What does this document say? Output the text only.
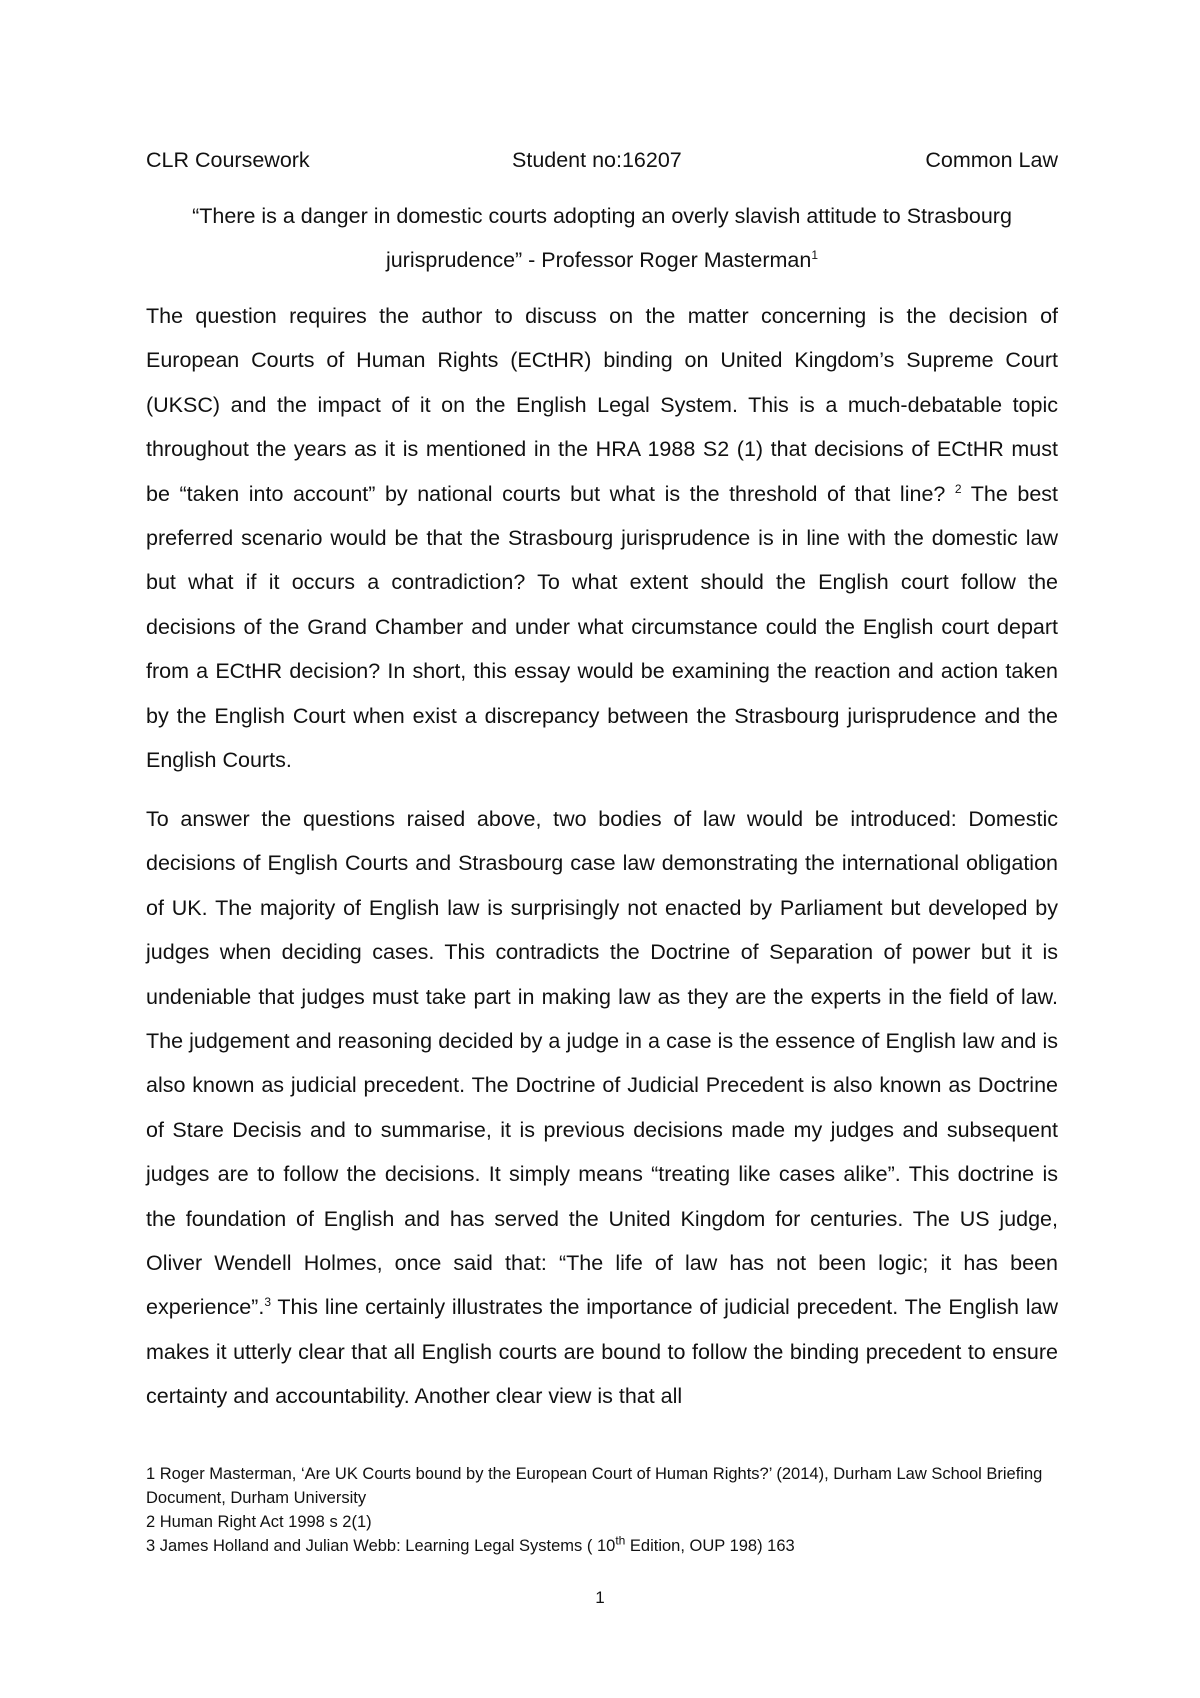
CLR Coursework	Student no:16207	Common Law
“There is a danger in domestic courts adopting an overly slavish attitude to Strasbourg jurisprudence” - Professor Roger Masterman$^1$

The question requires the author to discuss on the matter concerning is the decision of European Courts of Human Rights (ECtHR) binding on United Kingdom’s Supreme Court (UKSC) and the impact of it on the English Legal System. This is a much-debatable topic throughout the years as it is mentioned in the HRA 1988 S2 (1) that decisions of ECtHR must be “taken into account” by national courts but what is the threshold of that line? $^2$ The best preferred scenario would be that the Strasbourg jurisprudence is in line with the domestic law but what if it occurs a contradiction? To what extent should the English court follow the decisions of the Grand Chamber and under what circumstance could the English court depart from a ECtHR decision? In short, this essay would be examining the reaction and action taken by the English Court when exist a discrepancy between the Strasbourg jurisprudence and the English Courts.

To answer the questions raised above, two bodies of law would be introduced: Domestic decisions of English Courts and Strasbourg case law demonstrating the international obligation of UK. The majority of English law is surprisingly not enacted by Parliament but developed by judges when deciding cases. This contradicts the Doctrine of Separation of power but it is undeniable that judges must take part in making law as they are the experts in the field of law. The judgement and reasoning decided by a judge in a case is the essence of English law and is also known as judicial precedent. The Doctrine of Judicial Precedent is also known as Doctrine of Stare Decisis and to summarise, it is previous decisions made my judges and subsequent judges are to follow the decisions. It simply means “treating like cases alike”. This doctrine is the foundation of English and has served the United Kingdom for centuries. The US judge, Oliver Wendell Holmes, once said that: “The life of law has not been logic; it has been experience”.$^3$ This line certainly illustrates the importance of judicial precedent. The English law makes it utterly clear that all English courts are bound to follow the binding precedent to ensure certainty and accountability. Another clear view is that all

1 Roger Masterman, ‘Are UK Courts bound by the European Court of Human Rights?’ (2014), Durham Law School Briefing Document, Durham University
2 Human Right Act 1998 s 2(1)
3 James Holland and Julian Webb: Learning Legal Systems ( 10th Edition, OUP 198) 163
1
